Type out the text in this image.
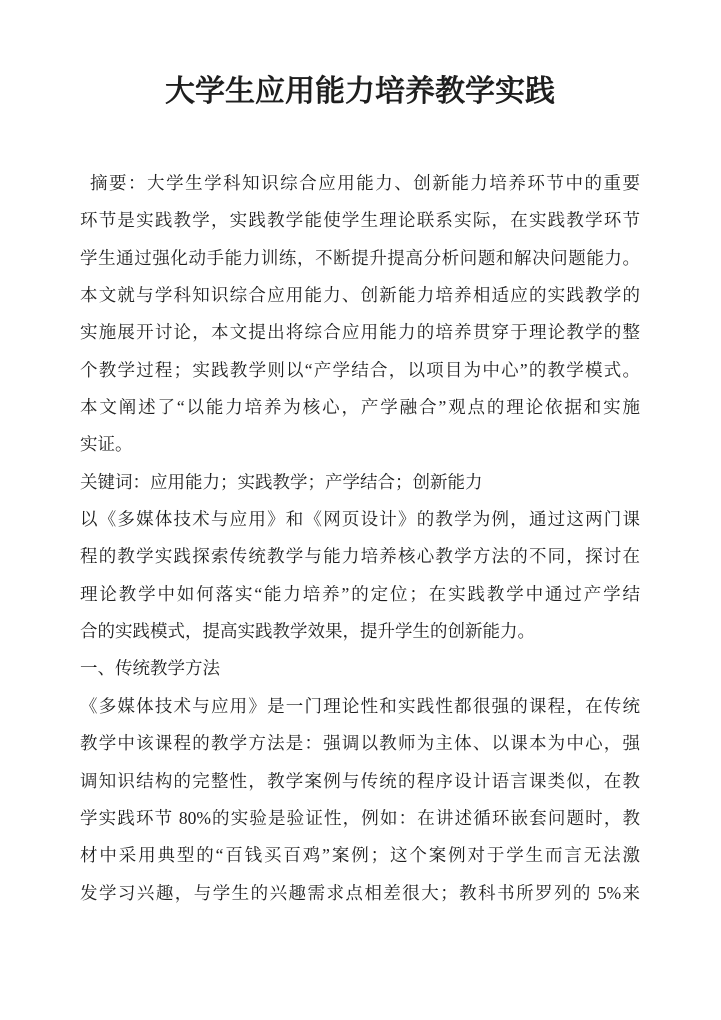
大学生应用能力培养教学实践
摘要：大学生学科知识综合应用能力、创新能力培养环节中的重要
环节是实践教学，实践教学能使学生理论联系实际，在实践教学环节
学生通过强化动手能力训练，不断提升提高分析问题和解决问题能力。
本文就与学科知识综合应用能力、创新能力培养相适应的实践教学的
实施展开讨论，本文提出将综合应用能力的培养贯穿于理论教学的整
个教学过程；实践教学则以“产学结合，以项目为中心”的教学模式。
本文阐述了“以能力培养为核心，产学融合”观点的理论依据和实施
实证。
关键词：应用能力；实践教学；产学结合；创新能力
以《多媒体技术与应用》和《网页设计》的教学为例，通过这两门课
程的教学实践探索传统教学与能力培养核心教学方法的不同，探讨在
理论教学中如何落实“能力培养”的定位；在实践教学中通过产学结
合的实践模式，提高实践教学效果，提升学生的创新能力。
一、传统教学方法
《多媒体技术与应用》是一门理论性和实践性都很强的课程，在传统
教学中该课程的教学方法是：强调以教师为主体、以课本为中心，强
调知识结构的完整性，教学案例与传统的程序设计语言课类似，在教
学实践环节 80%的实验是验证性，例如：在讲述循环嵌套问题时，教
材中采用典型的“百钱买百鸡”案例；这个案例对于学生而言无法激
发学习兴趣，与学生的兴趣需求点相差很大；教科书所罗列的 5%来
